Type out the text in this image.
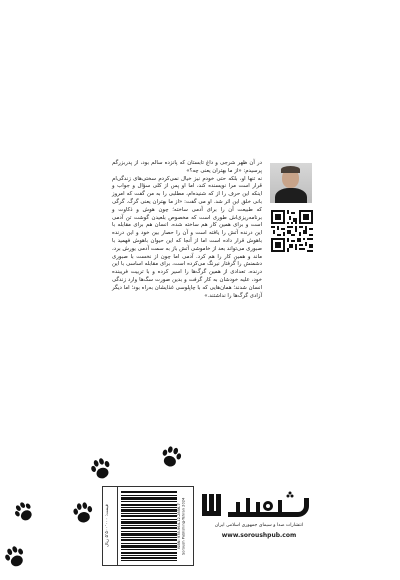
در آن ظهر شرجی و داغ تابستان که پانزده سالم بود، از پدربزرگم پرسیدم: «از ما بهتران یعنی چه؟»

نه تنها او، بلکه حتی خودم نیز خیال نمی‌کردم سختی‌های زندگی‌ام قرار است مرا نویسنده کند، اما او پس از کلی سؤال و جواب و اینکه این حرف را از که شنیده‌ام، مطلبی را به من گفت که امروز بانی خلق این اثر شد. او می گفت: «از ما بهتران یعنی گرگ. گرگی که طبیعت آن را برای آدمی ساخته؛ چون هوش و ذکاوت و برنامه‌ریزی‌اش طوری است که مخصوص بلعیدن گوشت تن آدمی است و برای همین کار هم ساخته شده. انسان هم برای مقابله با این درنده آتش را یافته است و آن را حصار بین خود و این درنده باهوش قرار داده است اما از آنجا که این حیوان باهوش فهمید با صبوری می‌تواند بعد از خاموشی آتش باز به سمت آدمی یورش برد، ماند و همین کار را هم کرد. آدمی اما چون از نخست با صبوری دشمنش را گرفتار نیرنگ می‌کرده است، برای مقابله اساسی با این درنده، تعدادی از همین گرگ‌ها را اسیر کرده و با تربیت فریبنده خود، علیه خودشان به کار گرفت و بدین صورت سگ‌ها وارد زندگی انسان شدند؛ همان‌هایی که با چاپلوسی غذایشان به‌راه بود؛ اما دیگر آزادی گرگ‌ها را نداشتند.»

قیمت: ۵٬۵۰۰٬۰۰۰ ریال	ISBN: 978-964-12-2856-7 Soroush Publishing-Tehran 2024	انتشارات صدا و سیمای جمهوری اسلامی ایران
www.soroushpub.com
